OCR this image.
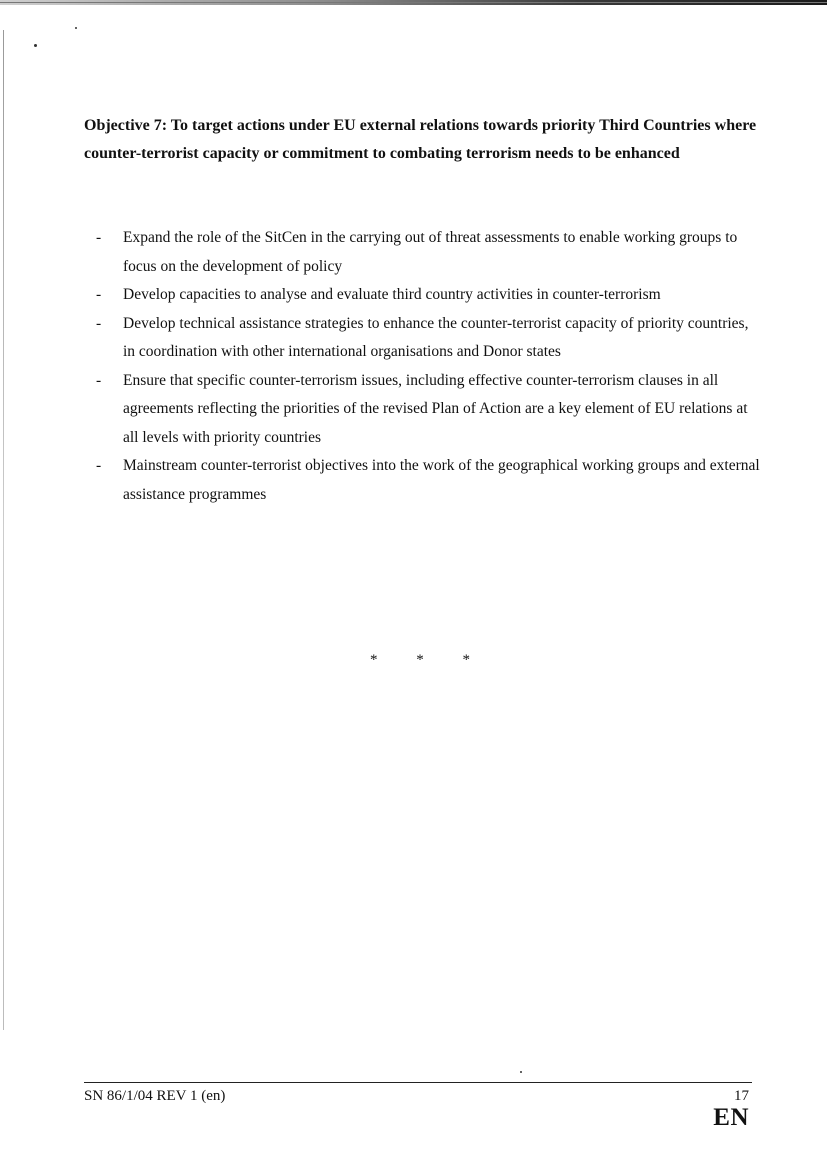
Objective 7: To target actions under EU external relations towards priority Third Countries where counter-terrorist capacity or commitment to combating terrorism needs to be enhanced

- Expand the role of the SitCen in the carrying out of threat assessments to enable working groups to focus on the development of policy
- Develop capacities to analyse and evaluate third country activities in counter-terrorism
- Develop technical assistance strategies to enhance the counter-terrorist capacity of priority countries, in coordination with other international organisations and Donor states
- Ensure that specific counter-terrorism issues, including effective counter-terrorism clauses in all agreements reflecting the priorities of the revised Plan of Action are a key element of EU relations at all levels with priority countries
- Mainstream counter-terrorist objectives into the work of the geographical working groups and external assistance programmes
*	*	*
SN 86/1/04 REV 1 (en)	17
EN
